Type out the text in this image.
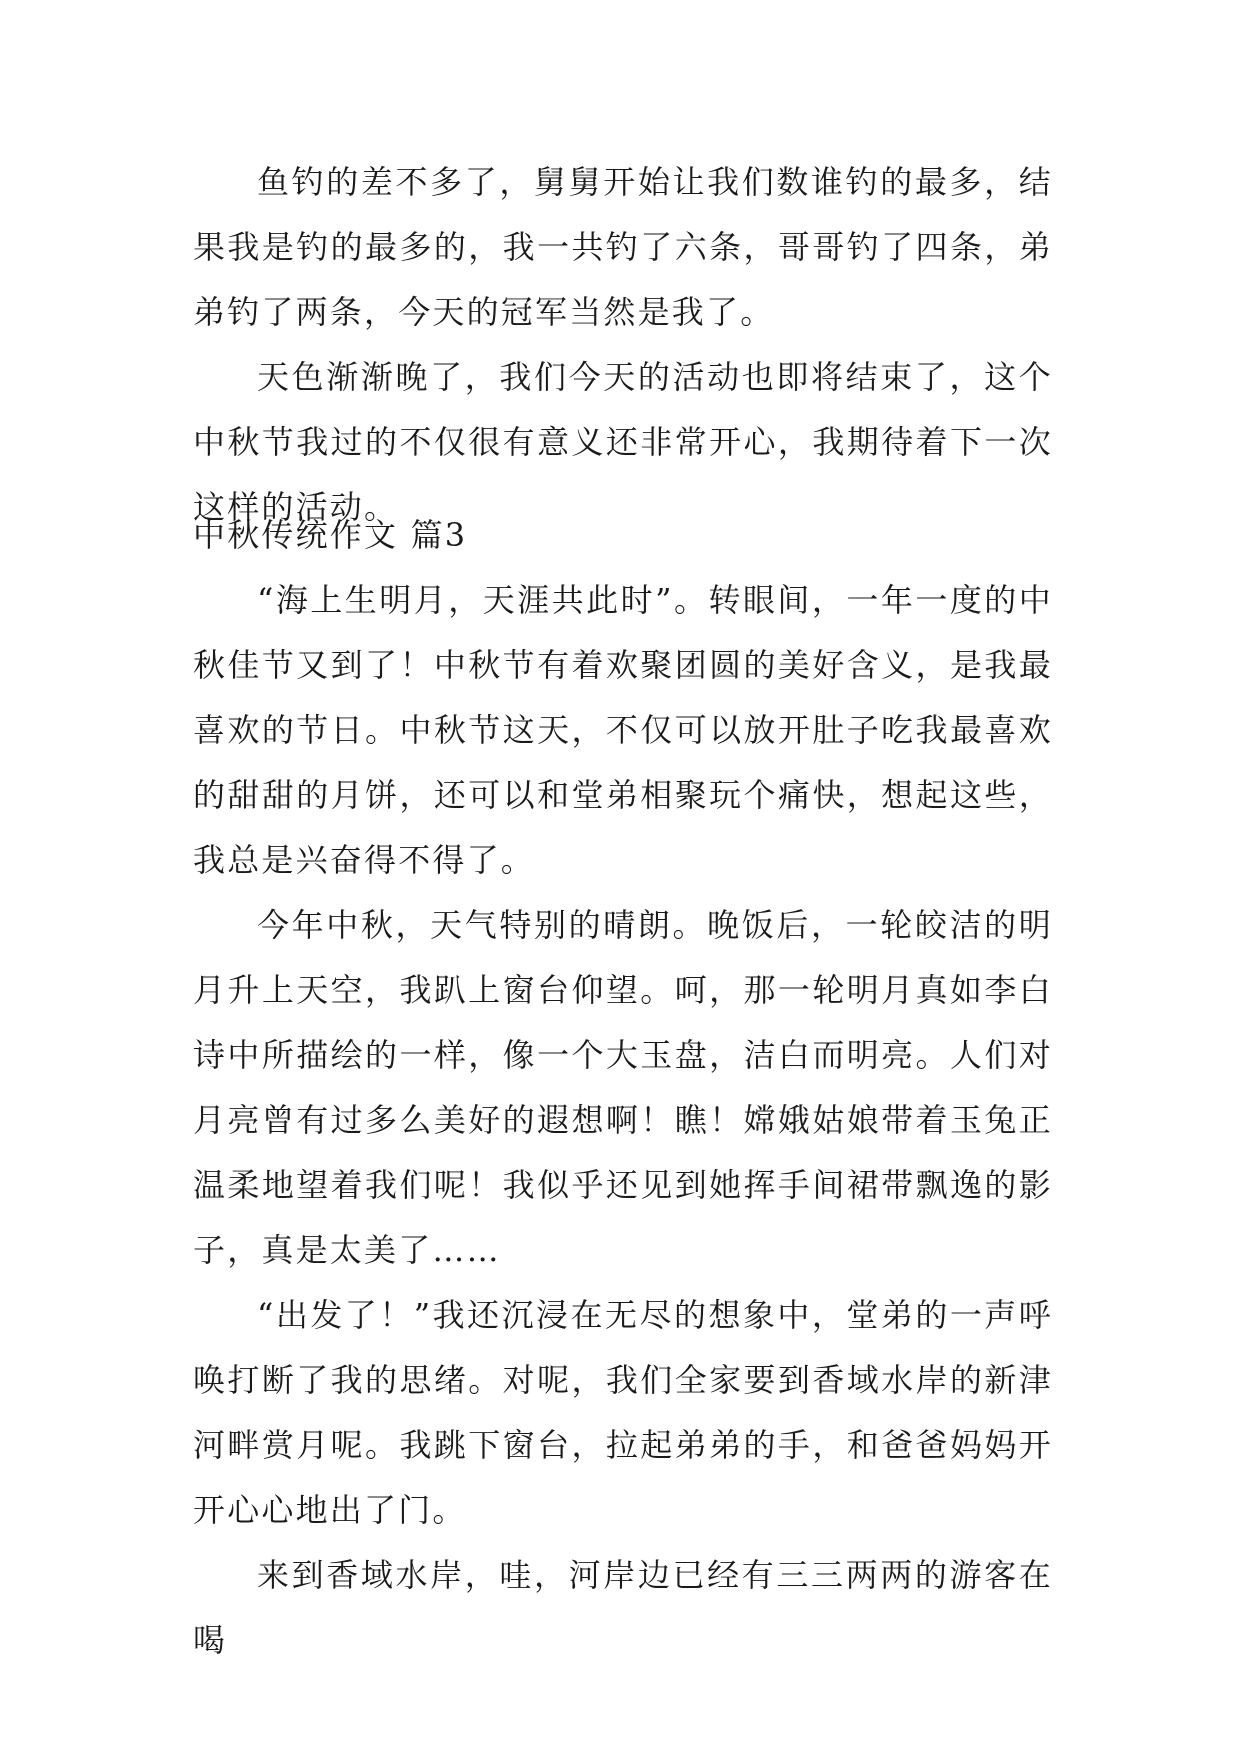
鱼钓的差不多了，舅舅开始让我们数谁钓的最多，结果我是钓的最多的，我一共钓了六条，哥哥钓了四条，弟弟钓了两条，今天的冠军当然是我了。

天色渐渐晚了，我们今天的活动也即将结束了，这个中秋节我过的不仅很有意义还非常开心，我期待着下一次这样的活动。

中秋传统作文 篇3

“海上生明月，天涯共此时”。转眼间，一年一度的中秋佳节又到了！中秋节有着欢聚团圆的美好含义，是我最喜欢的节日。中秋节这天，不仅可以放开肚子吃我最喜欢的甜甜的月饼，还可以和堂弟相聚玩个痛快，想起这些，我总是兴奋得不得了。

今年中秋，天气特别的晴朗。晚饭后，一轮皎洁的明月升上天空，我趴上窗台仰望。呵，那一轮明月真如李白诗中所描绘的一样，像一个大玉盘，洁白而明亮。人们对月亮曾有过多么美好的遐想啊！瞧！嫦娥姑娘带着玉兔正温柔地望着我们呢！我似乎还见到她挥手间裙带飘逸的影子，真是太美了……

“出发了！”我还沉浸在无尽的想象中，堂弟的一声呼唤打断了我的思绪。对呢，我们全家要到香域水岸的新津河畔赏月呢。我跳下窗台，拉起弟弟的手，和爸爸妈妈开开心心地出了门。

来到香域水岸，哇，河岸边已经有三三两两的游客在喝
